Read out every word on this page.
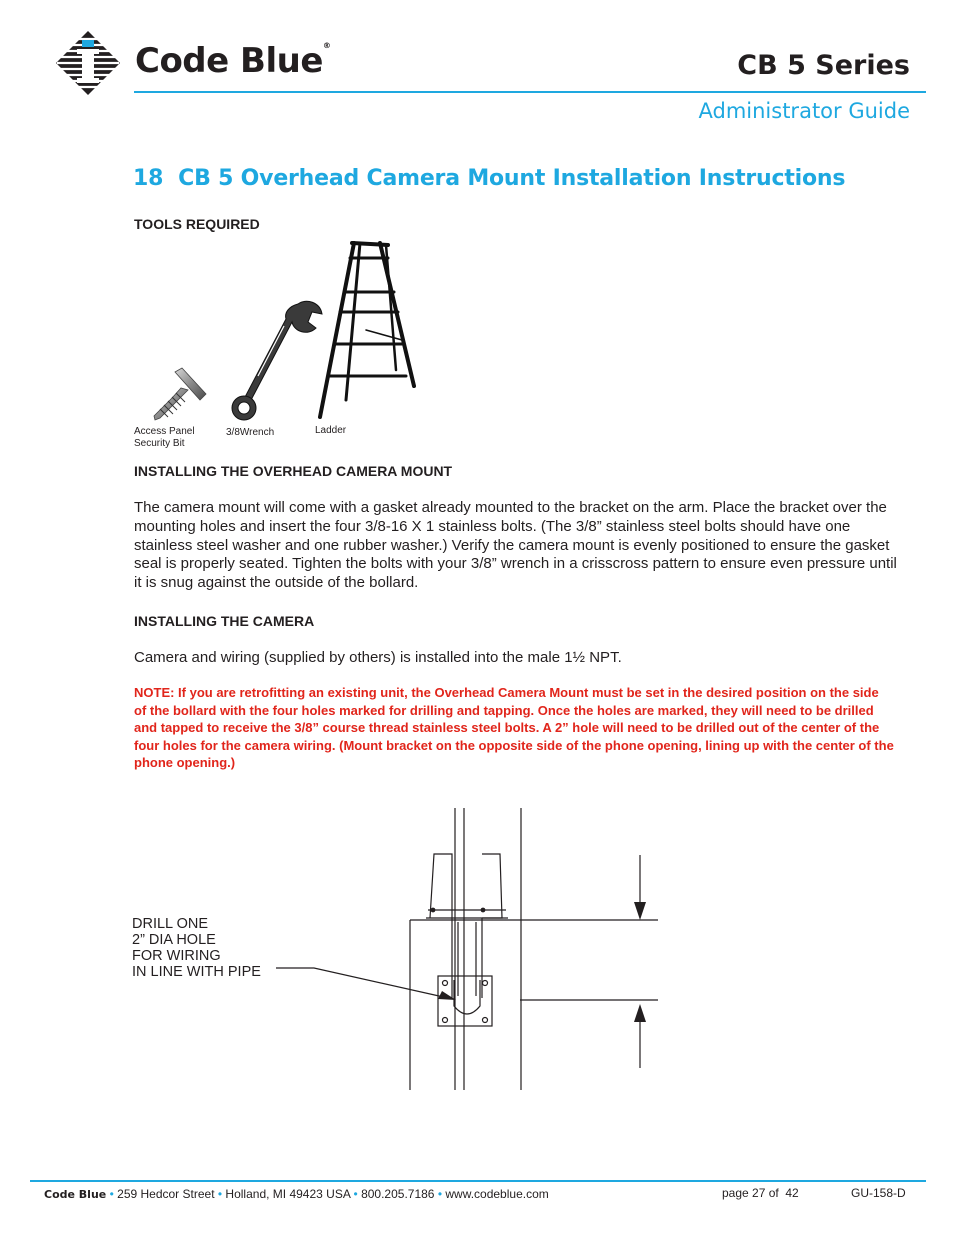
Code Blue®
CB 5 Series
Administrator Guide
18  CB 5 Overhead Camera Mount Installation Instructions
TOOLS REQUIRED
Access Panel
Security Bit
3/8Wrench	Ladder
INSTALLING THE OVERHEAD CAMERA MOUNT
The camera mount will come with a gasket already mounted to the bracket on the arm. Place the bracket over the mounting holes and insert the four 3/8-16 X 1 stainless bolts. (The 3/8” stainless steel bolts should have one stainless steel washer and one rubber washer.) Verify the camera mount is evenly positioned to ensure the gasket seal is properly seated. Tighten the bolts with your 3/8” wrench in a crisscross pattern to ensure even pressure until it is snug against the outside of the bollard.
INSTALLING THE CAMERA
Camera and wiring (supplied by others) is installed into the male 1½ NPT.
NOTE: If you are retrofitting an existing unit, the Overhead Camera Mount must be set in the desired position on the side of the bollard with the four holes marked for drilling and tapping. Once the holes are marked, they will need to be drilled and tapped to receive the 3/8” course thread stainless steel bolts. A 2” hole will need to be drilled out of the center of the four holes for the camera wiring. (Mount bracket on the opposite side of the phone opening, lining up with the center of the phone opening.)
DRILL ONE
2” DIA HOLE
FOR WIRING
IN LINE WITH PIPE
Code Blue • 259 Hedcor Street • Holland, MI 49423 USA • 800.205.7186 • www.codeblue.com	page 27 of  42	GU-158-D
